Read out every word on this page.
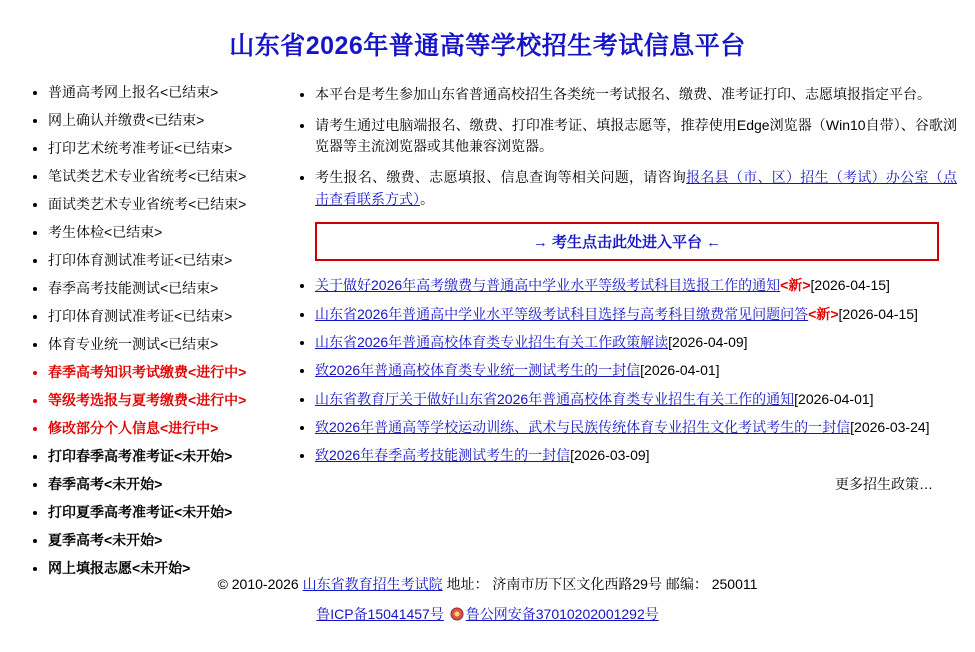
山东省2026年普通高等学校招生考试信息平台
• 普通高考网上报名<已结束>
• 网上确认并缴费<已结束>
• 打印艺术统考准考证<已结束>
• 笔试类艺术专业省统考<已结束>
• 面试类艺术专业省统考<已结束>
• 考生体检<已结束>
• 打印体育测试准考证<已结束>
• 春季高考技能测试<已结束>
• 打印体育测试准考证<已结束>
• 体育专业统一测试<已结束>
• 春季高考知识考试缴费<进行中>
• 等级考选报与夏考缴费<进行中>
• 修改部分个人信息<进行中>
• 打印春季高考准考证<未开始>
• 春季高考<未开始>
• 打印夏季高考准考证<未开始>
• 夏季高考<未开始>
• 网上填报志愿<未开始>
• 本平台是考生参加山东省普通高校招生各类统一考试报名、缴费、准考证打印、志愿填报指定平台。
• 请考生通过电脑端报名、缴费、打印准考证、填报志愿等，推荐使用Edge浏览器（Win10自带）、谷歌浏览器等主流浏览器或其他兼容浏览器。
• 考生报名、缴费、志愿填报、信息查询等相关问题，请咨询报名县（市、区）招生（考试）办公室（点击查看联系方式）。
→ 考生点击此处进入平台 ←
• 关于做好2026年高考缴费与普通高中学业水平等级考试科目选报工作的通知<新>[2026-04-15]
• 山东省2026年普通高中学业水平等级考试科目选择与高考科目缴费常见问题问答<新>[2026-04-15]
• 山东省2026年普通高校体育类专业招生有关工作政策解读[2026-04-09]
• 致2026年普通高校体育类专业统一测试考生的一封信[2026-04-01]
• 山东省教育厅关于做好山东省2026年普通高校体育类专业招生有关工作的通知[2026-04-01]
• 致2026年普通高等学校运动训练、武术与民族传统体育专业招生文化考试考生的一封信[2026-03-24]
• 致2026年春季高考技能测试考生的一封信[2026-03-09]
更多招生政策…
© 2010-2026 山东省教育招生考试院 地址： 济南市历下区文化西路29号 邮编： 250011
鲁ICP备15041457号 鲁公网安备37010202001292号
